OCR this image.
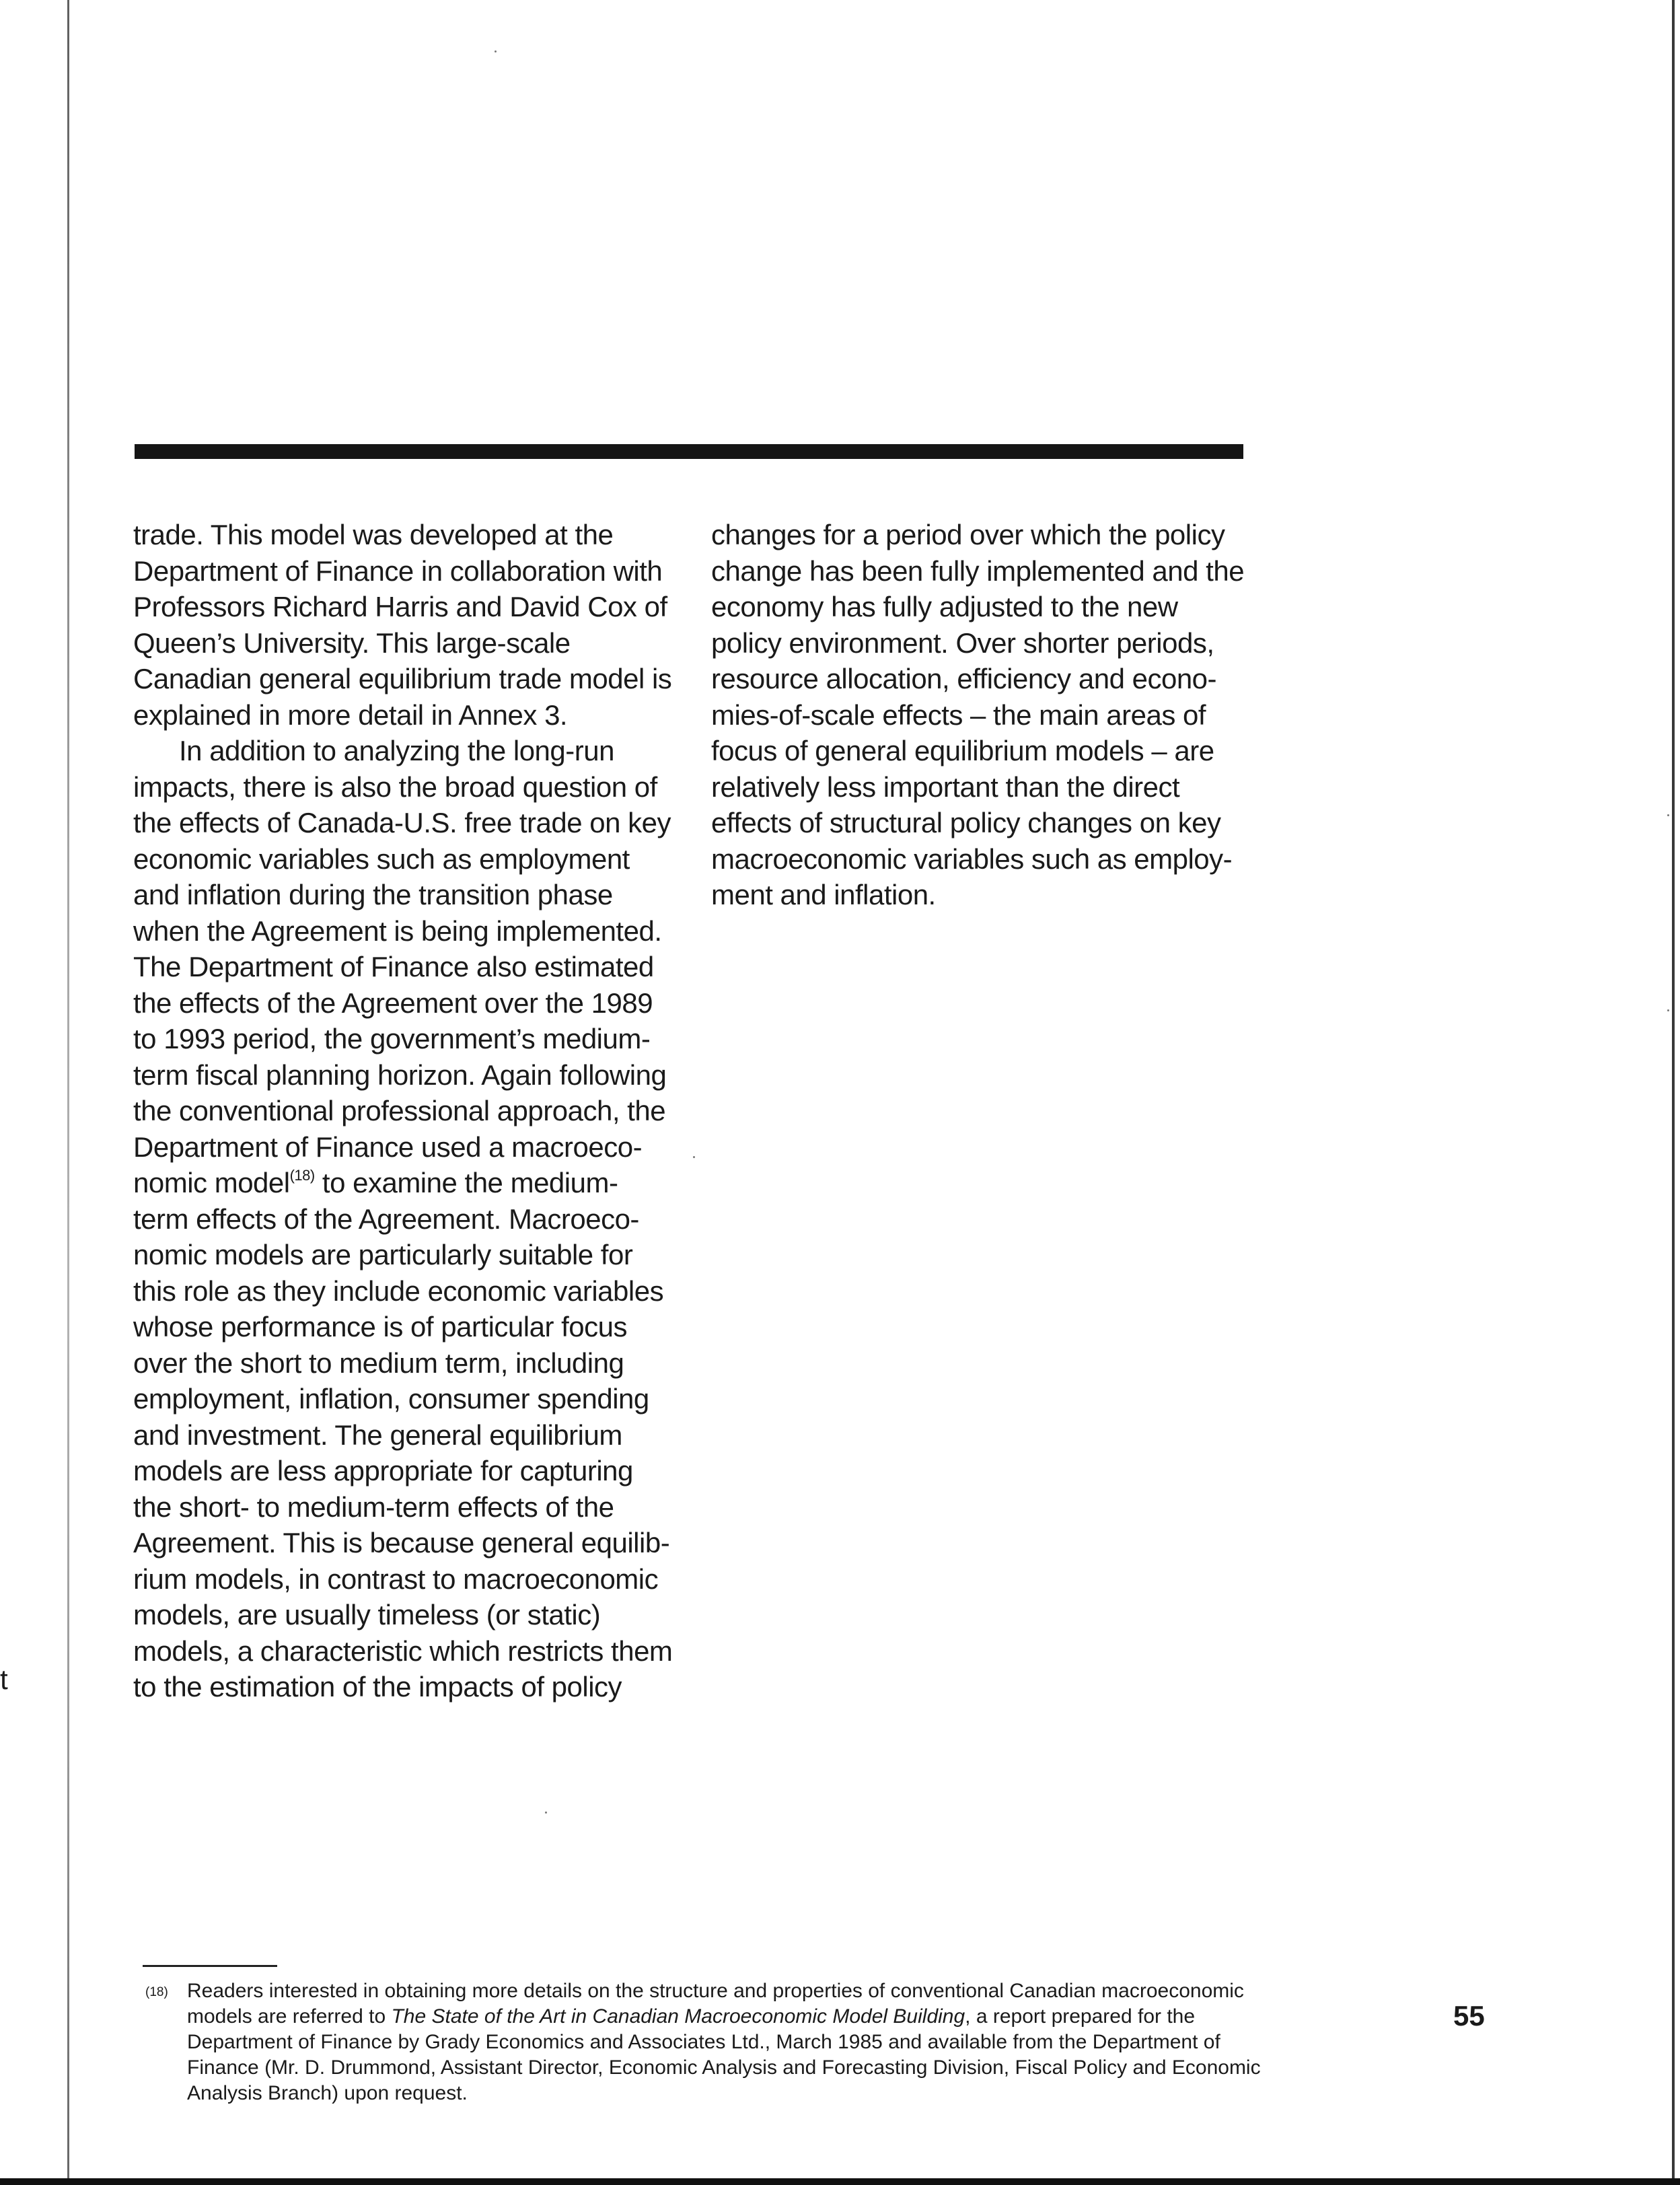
trade. This model was developed at the
Department of Finance in collaboration with
Professors Richard Harris and David Cox of
Queen’s University. This large-scale
Canadian general equilibrium trade model is
explained in more detail in Annex 3.
In addition to analyzing the long-run
impacts, there is also the broad question of
the effects of Canada-U.S. free trade on key
economic variables such as employment
and inflation during the transition phase
when the Agreement is being implemented.
The Department of Finance also estimated
the effects of the Agreement over the 1989
to 1993 period, the government’s medium-
term fiscal planning horizon. Again following
the conventional professional approach, the
Department of Finance used a macroeco-
nomic model$^{(18)}$ to examine the medium-
term effects of the Agreement. Macroeco-
nomic models are particularly suitable for
this role as they include economic variables
whose performance is of particular focus
over the short to medium term, including
employment, inflation, consumer spending
and investment. The general equilibrium
models are less appropriate for capturing
the short- to medium-term effects of the
Agreement. This is because general equilib-
rium models, in contrast to macroeconomic
models, are usually timeless (or static)
models, a characteristic which restricts them
to the estimation of the impacts of policy
changes for a period over which the policy
change has been fully implemented and the
economy has fully adjusted to the new
policy environment. Over shorter periods,
resource allocation, efficiency and econo-
mies-of-scale effects – the main areas of
focus of general equilibrium models – are
relatively less important than the direct
effects of structural policy changes on key
macroeconomic variables such as employ-
ment and inflation.
(18) Readers interested in obtaining more details on the structure and properties of conventional Canadian macroeconomic models are referred to The State of the Art in Canadian Macroeconomic Model Building, a report prepared for the Department of Finance by Grady Economics and Associates Ltd., March 1985 and available from the Department of Finance (Mr. D. Drummond, Assistant Director, Economic Analysis and Forecasting Division, Fiscal Policy and Economic Analysis Branch) upon request.
55
t
